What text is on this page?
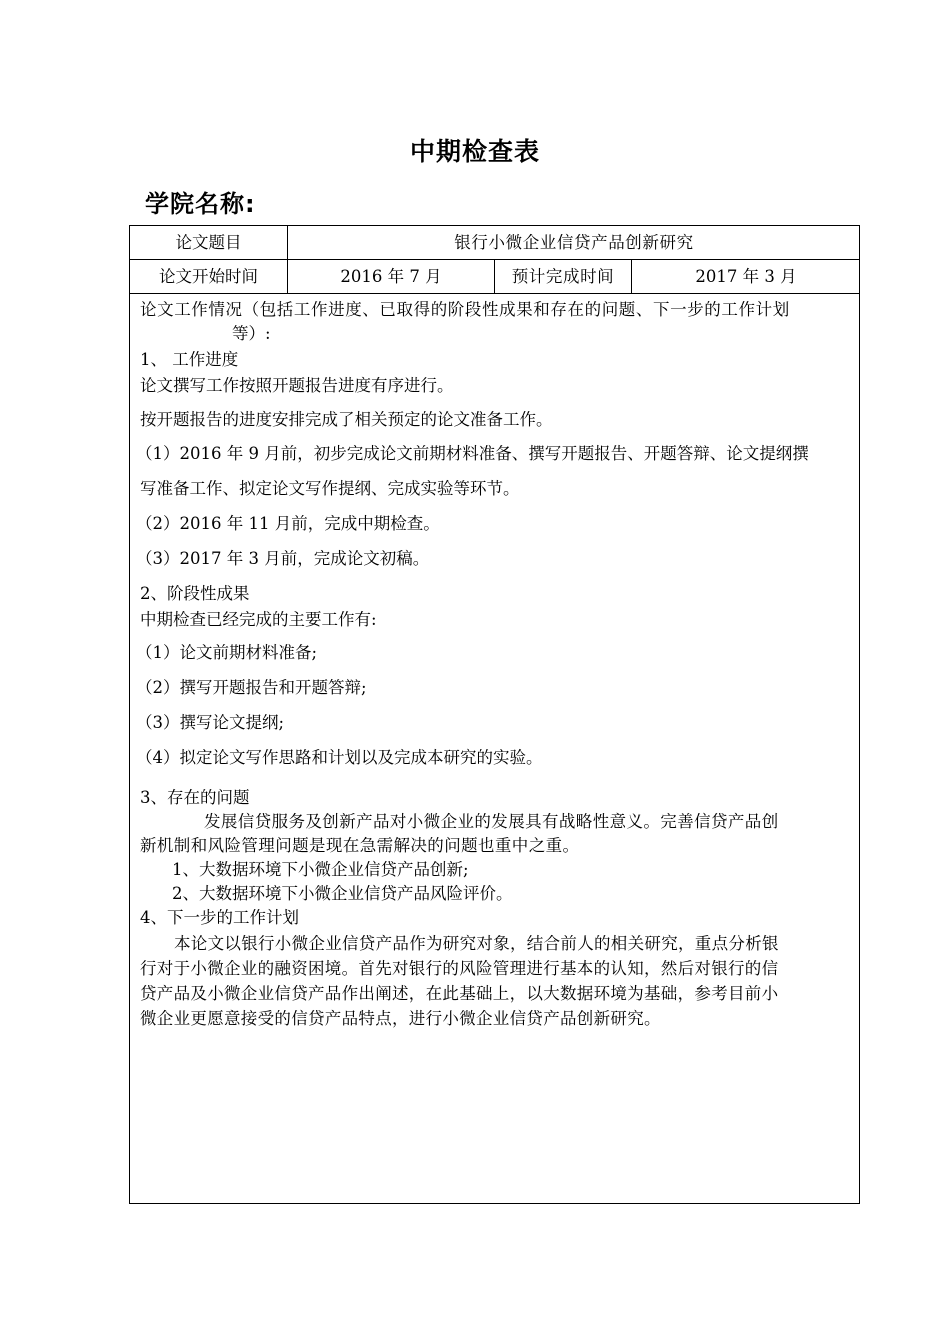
中期检查表
学院名称:
论文题目	银行小微企业信贷产品创新研究
论文开始时间	2016 年 7 月	预计完成时间	2017 年 3 月

论文工作情况（包括工作进度、已取得的阶段性成果和存在的问题、下一步的工作计划

等）:

1、 工作进度

论文撰写工作按照开题报告进度有序进行。

按开题报告的进度安排完成了相关预定的论文准备工作。

（1）2016 年 9 月前，初步完成论文前期材料准备、撰写开题报告、开题答辩、论文提纲撰

写准备工作、拟定论文写作提纲、完成实验等环节。

（2）2016 年 11 月前，完成中期检查。

（3）2017 年 3 月前，完成论文初稿。

2、阶段性成果

中期检查已经完成的主要工作有:

（1）论文前期材料准备;

（2）撰写开题报告和开题答辩;

（3）撰写论文提纲;

（4）拟定论文写作思路和计划以及完成本研究的实验。

3、存在的问题

发展信贷服务及创新产品对小微企业的发展具有战略性意义。完善信贷产品创

新机制和风险管理问题是现在急需解决的问题也重中之重。

1、大数据环境下小微企业信贷产品创新;

2、大数据环境下小微企业信贷产品风险评价。

4、下一步的工作计划

本论文以银行小微企业信贷产品作为研究对象，结合前人的相关研究，重点分析银

行对于小微企业的融资困境。首先对银行的风险管理进行基本的认知，然后对银行的信

贷产品及小微企业信贷产品作出阐述，在此基础上，以大数据环境为基础，参考目前小

微企业更愿意接受的信贷产品特点，进行小微企业信贷产品创新研究。
